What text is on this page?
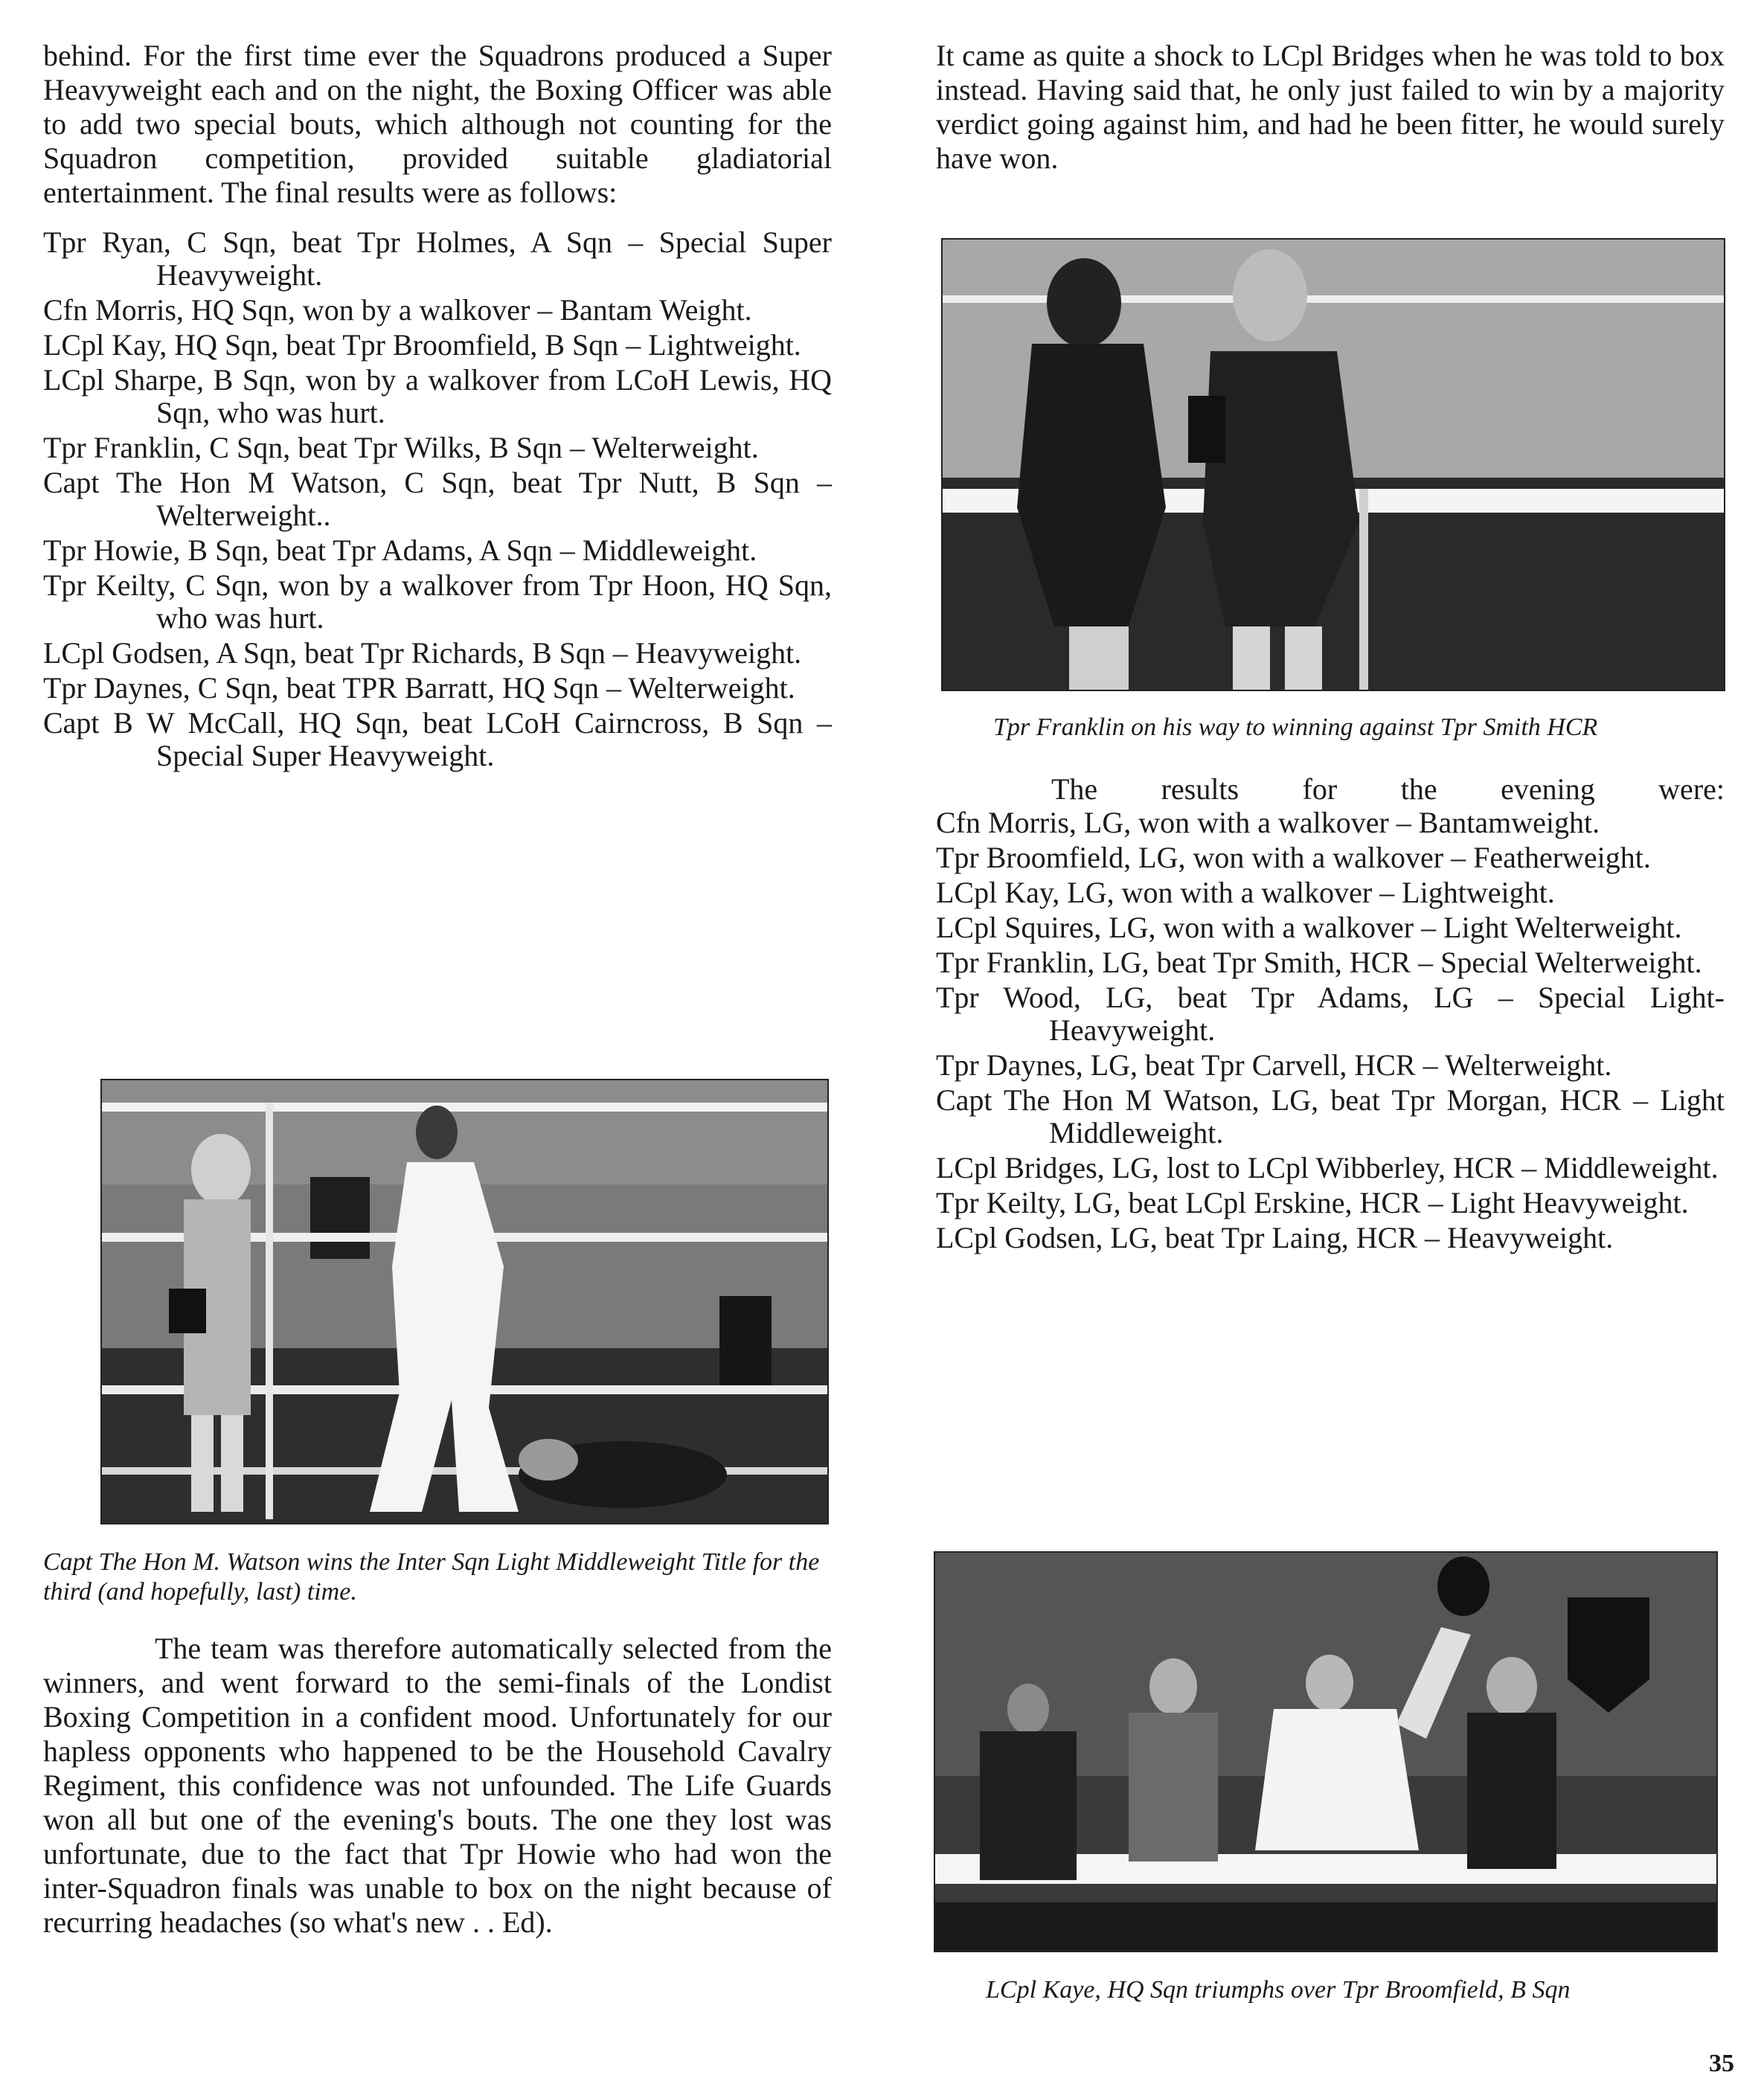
behind. For the first time ever the Squadrons produced a Super Heavyweight each and on the night, the Boxing Officer was able to add two special bouts, which although not counting for the Squadron competition, provided suitable gladiatorial entertainment. The final results were as follows:

Tpr Ryan, C Sqn, beat Tpr Holmes, A Sqn – Special Super Heavyweight.
Cfn Morris, HQ Sqn, won by a walkover – Bantam Weight.
LCpl Kay, HQ Sqn, beat Tpr Broomfield, B Sqn – Lightweight.
LCpl Sharpe, B Sqn, won by a walkover from LCoH Lewis, HQ Sqn, who was hurt.
Tpr Franklin, C Sqn, beat Tpr Wilks, B Sqn – Welterweight.
Capt The Hon M Watson, C Sqn, beat Tpr Nutt, B Sqn – Welterweight..
Tpr Howie, B Sqn, beat Tpr Adams, A Sqn – Middleweight.
Tpr Keilty, C Sqn, won by a walkover from Tpr Hoon, HQ Sqn, who was hurt.
LCpl Godsen, A Sqn, beat Tpr Richards, B Sqn – Heavyweight.
Tpr Daynes, C Sqn, beat TPR Barratt, HQ Sqn – Welterweight.
Capt B W McCall, HQ Sqn, beat LCoH Cairncross, B Sqn – Special Super Heavyweight.
Capt The Hon M. Watson wins the Inter Sqn Light Middleweight Title for the third (and hopefully, last) time.

The team was therefore automatically selected from the winners, and went forward to the semi-finals of the Londist Boxing Competition in a confident mood. Unfortunately for our hapless opponents who happened to be the Household Cavalry Regiment, this confidence was not unfounded. The Life Guards won all but one of the evening's bouts. The one they lost was unfortunate, due to the fact that Tpr Howie who had won the inter-Squadron finals was unable to box on the night because of recurring headaches (so what's new . . Ed).

It came as quite a shock to LCpl Bridges when he was told to box instead. Having said that, he only just failed to win by a majority verdict going against him, and had he been fitter, he would surely have won.

Tpr Franklin on his way to winning against Tpr Smith HCR

The results for the evening were:

Cfn Morris, LG, won with a walkover – Bantamweight.
Tpr Broomfield, LG, won with a walkover – Featherweight.
LCpl Kay, LG, won with a walkover – Lightweight.
LCpl Squires, LG, won with a walkover – Light Welterweight.
Tpr Franklin, LG, beat Tpr Smith, HCR – Special Welterweight.
Tpr Wood, LG, beat Tpr Adams, LG – Special Light-Heavyweight.
Tpr Daynes, LG, beat Tpr Carvell, HCR – Welterweight.
Capt The Hon M Watson, LG, beat Tpr Morgan, HCR – Light Middleweight.
LCpl Bridges, LG, lost to LCpl Wibberley, HCR – Middleweight.
Tpr Keilty, LG, beat LCpl Erskine, HCR – Light Heavyweight.
LCpl Godsen, LG, beat Tpr Laing, HCR – Heavyweight.
LCpl Kaye, HQ Sqn triumphs over Tpr Broomfield, B Sqn
35
